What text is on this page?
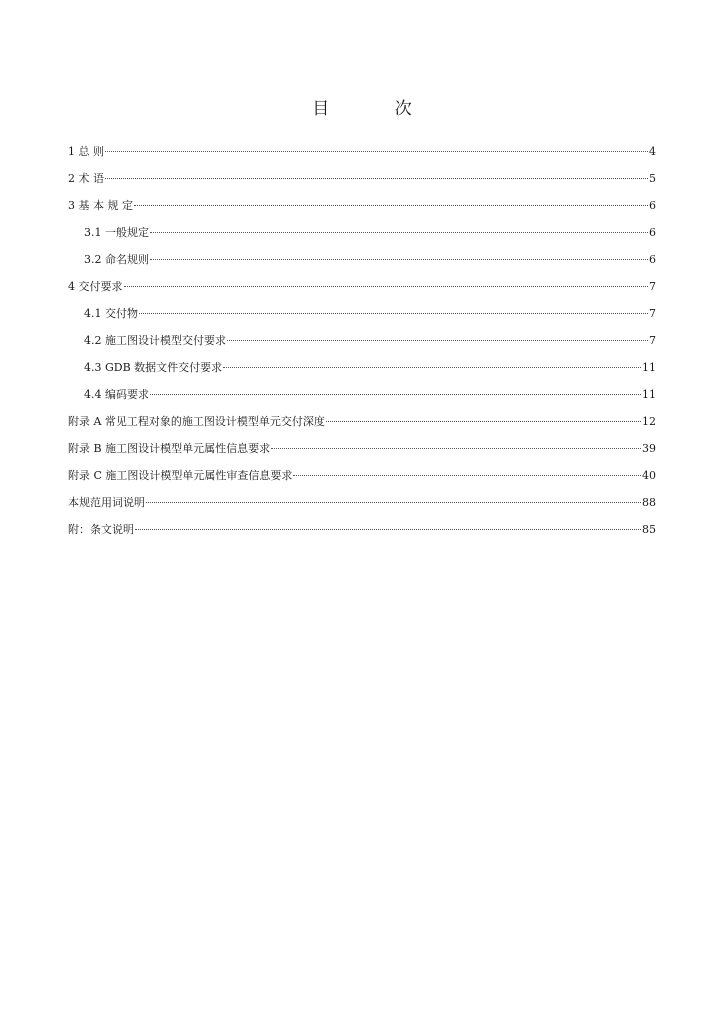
目 次
1 总 则	4
2 术 语	5
3 基 本 规 定	6
3.1 一般规定	6
3.2 命名规则	6
4 交付要求	7
4.1 交付物	7
4.2 施工图设计模型交付要求	7
4.3 GDB 数据文件交付要求	11
4.4 编码要求	11
附录 A 常见工程对象的施工图设计模型单元交付深度	12
附录 B 施工图设计模型单元属性信息要求	39
附录 C 施工图设计模型单元属性审查信息要求	40
本规范用词说明	88
附：条文说明	85
